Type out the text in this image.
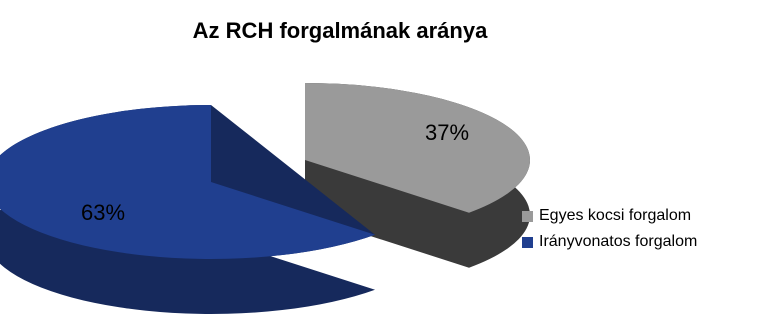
Az RCH forgalmának aránya
37%
63%	Egyes kocsi forgalom
Irányvonatos forgalom
